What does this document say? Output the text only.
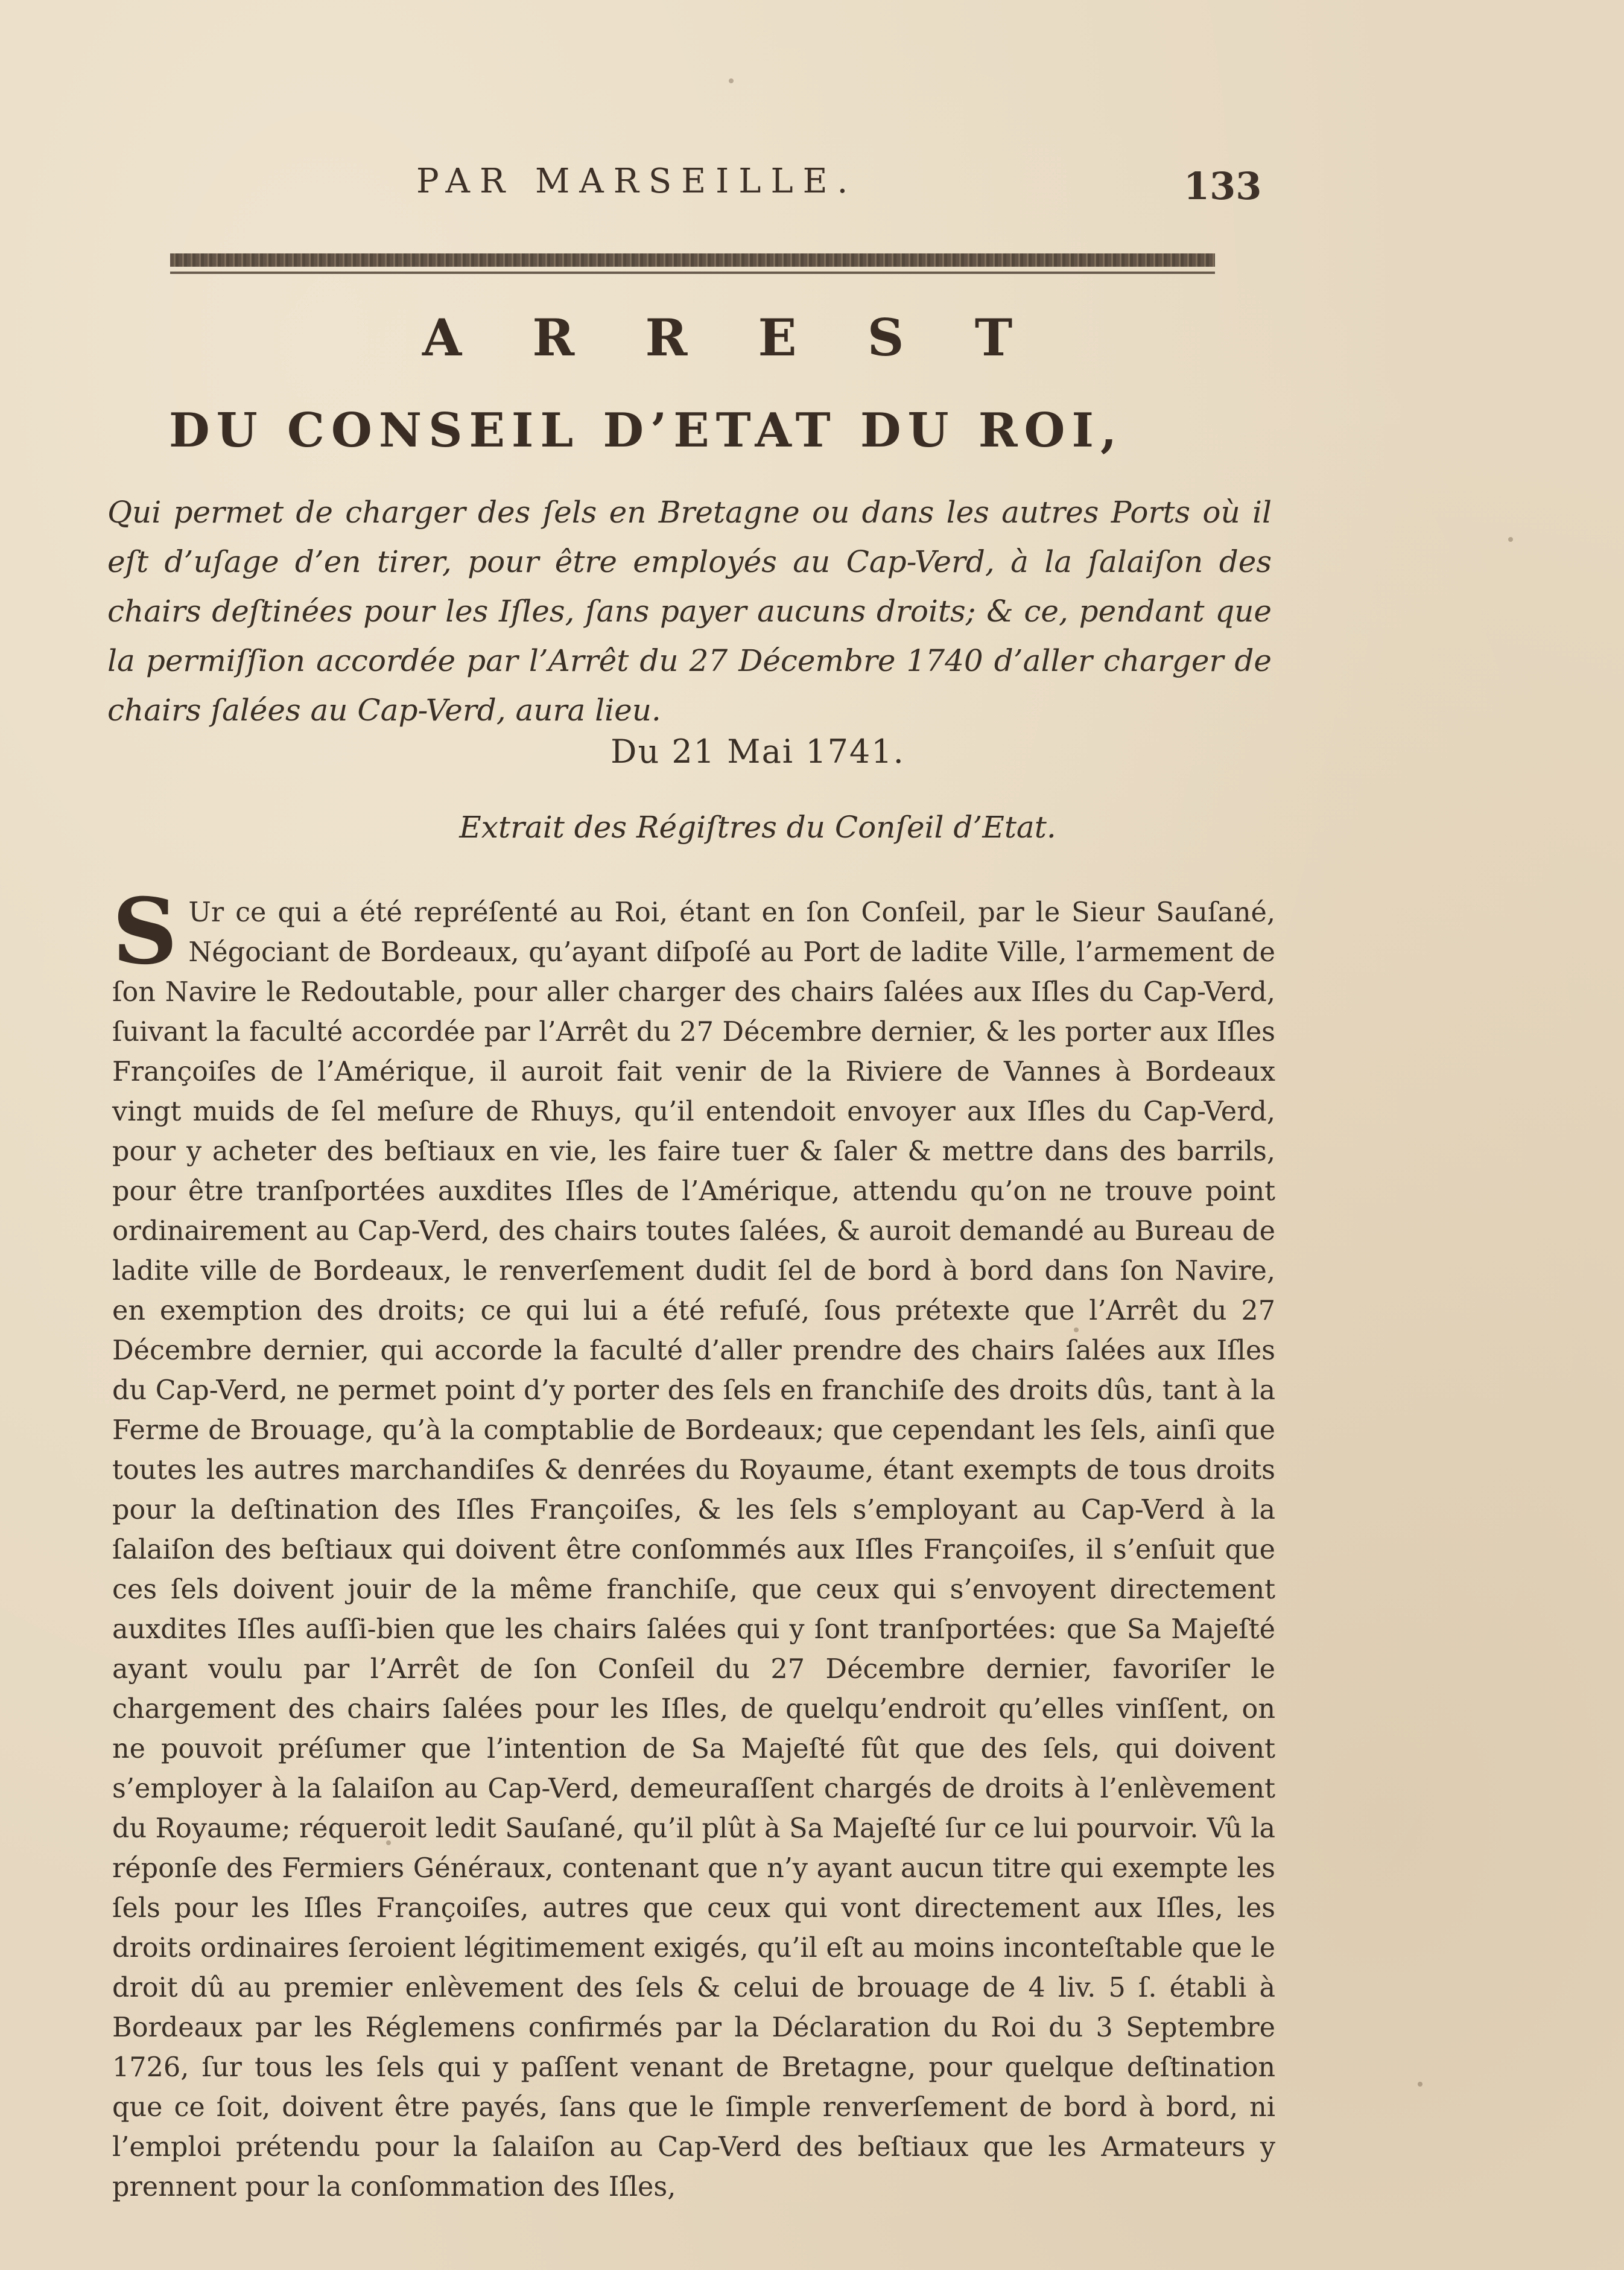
PAR MARSEILLE.	133
A R R E S T
DU CONSEIL D’ETAT DU ROI,
Qui permet de charger des ſels en Bretagne ou dans les autres Ports où il eſt d’uſage d’en tirer, pour être employés au Cap-Verd, à la ſalaiſon des chairs deſtinées pour les Iſles, ſans payer aucuns droits; & ce, pendant que la permiſſion accordée par l’Arrêt du 27 Décembre 1740 d’aller charger de chairs ſalées au Cap-Verd, aura lieu.
Du 21 Mai 1741.
Extrait des Régiſtres du Conſeil d’Etat.
S Ur ce qui a été repréſenté au Roi, étant en ſon Conſeil, par le Sieur Sauſané, Négociant de Bordeaux, qu’ayant diſpoſé au Port de ladite Ville, l’armement de ſon Navire le Redoutable, pour aller charger des chairs ſalées aux Iſles du Cap-Verd, ſuivant la faculté accordée par l’Arrêt du 27 Décembre dernier, & les porter aux Iſles Françoiſes de l’Amérique, il auroit fait venir de la Riviere de Vannes à Bordeaux vingt muids de ſel meſure de Rhuys, qu’il entendoit envoyer aux Iſles du Cap-Verd, pour y acheter des beſtiaux en vie, les faire tuer & ſaler & mettre dans des barrils, pour être tranſportées auxdites Iſles de l’Amérique, attendu qu’on ne trouve point ordinairement au Cap-Verd, des chairs toutes ſalées, & auroit demandé au Bureau de ladite ville de Bordeaux, le renverſement dudit ſel de bord à bord dans ſon Navire, en exemption des droits; ce qui lui a été refuſé, ſous prétexte que l’Arrêt du 27 Décembre dernier, qui accorde la faculté d’aller prendre des chairs ſalées aux Iſles du Cap-Verd, ne permet point d’y porter des ſels en franchiſe des droits dûs, tant à la Ferme de Brouage, qu’à la comptablie de Bordeaux; que cependant les ſels, ainſi que toutes les autres marchandiſes & denrées du Royaume, étant exempts de tous droits pour la deſtination des Iſles Françoiſes, & les ſels s’employant au Cap-Verd à la ſalaiſon des beſtiaux qui doivent être conſommés aux Iſles Françoiſes, il s’enſuit que ces ſels doivent jouir de la même franchiſe, que ceux qui s’envoyent directement auxdites Iſles auſſi-bien que les chairs ſalées qui y ſont tranſportées: que Sa Majeſté ayant voulu par l’Arrêt de ſon Conſeil du 27 Décembre dernier, favoriſer le chargement des chairs ſalées pour les Iſles, de quelqu’endroit qu’elles vinſſent, on ne pouvoit préſumer que l’intention de Sa Majeſté fût que des ſels, qui doivent s’employer à la ſalaiſon au Cap-Verd, demeuraſſent chargés de droits à l’enlèvement du Royaume; réqueroit ledit Sauſané, qu’il plût à Sa Majeſté ſur ce lui pourvoir. Vû la réponſe des Fermiers Généraux, contenant que n’y ayant aucun titre qui exempte les ſels pour les Iſles Françoiſes, autres que ceux qui vont directement aux Iſles, les droits ordinaires ſeroient légitimement exigés, qu’il eſt au moins inconteſtable que le droit dû au premier enlèvement des ſels & celui de brouage de 4 liv. 5 ſ. établi à Bordeaux par les Réglemens confirmés par la Déclaration du Roi du 3 Septembre 1726, ſur tous les ſels qui y paſſent venant de Bretagne, pour quelque deſtination que ce ſoit, doivent être payés, ſans que le ſimple renverſement de bord à bord, ni l’emploi prétendu pour la ſalaiſon au Cap-Verd des beſtiaux que les Armateurs y prennent pour la conſommation des Iſles,
